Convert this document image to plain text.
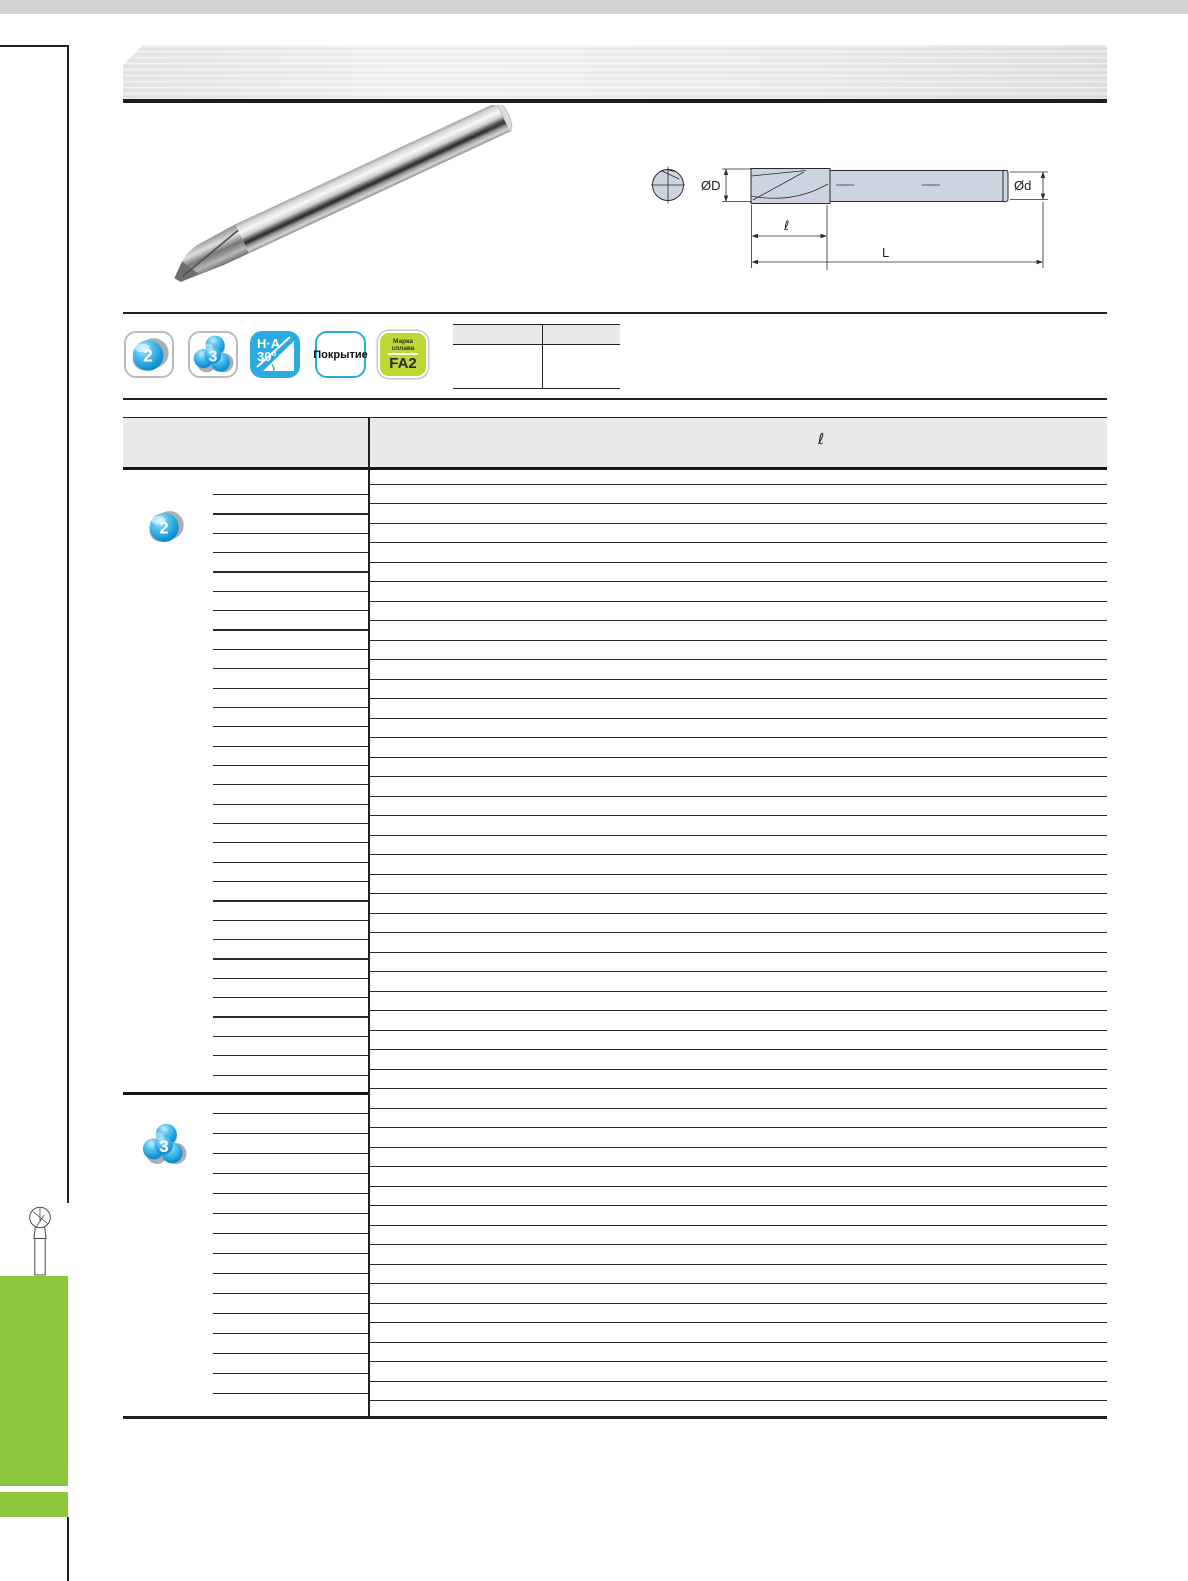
2	3
H·A
30°	Покрытие
Марка
сплава
FA2
ØD	Ød
ℓ
L
ℓ
2
3
